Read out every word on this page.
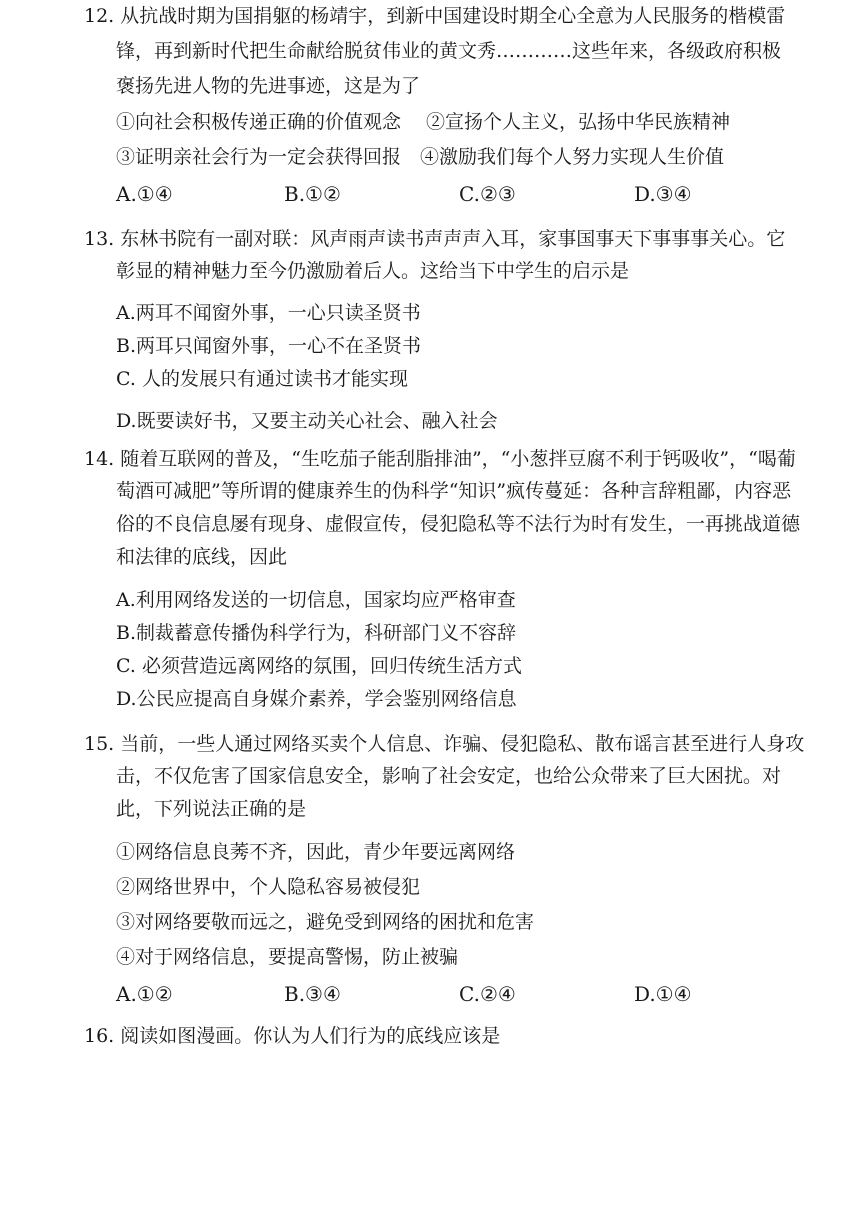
12. 从抗战时期为国捐躯的杨靖宇，到新中国建设时期全心全意为人民服务的楷模雷
锋，再到新时代把生命献给脱贫伟业的黄文秀…………这些年来，各级政府积极
褒扬先进人物的先进事迹，这是为了
①向社会积极传递正确的价值观念　 ②宣扬个人主义，弘扬中华民族精神
③证明亲社会行为一定会获得回报　④激励我们每个人努力实现人生价值
A.①④	B.①②	C.②③	D.③④
13. 东林书院有一副对联：风声雨声读书声声声入耳，家事国事天下事事事关心。它
彰显的精神魅力至今仍激励着后人。这给当下中学生的启示是
A.两耳不闻窗外事，一心只读圣贤书
B.两耳只闻窗外事，一心不在圣贤书
C. 人的发展只有通过读书才能实现
D.既要读好书，又要主动关心社会、融入社会
14. 随着互联网的普及，“生吃茄子能刮脂排油”，“小葱拌豆腐不利于钙吸收”，“喝葡
萄酒可减肥”等所谓的健康养生的伪科学“知识”疯传蔓延：各种言辞粗鄙，内容恶
俗的不良信息屡有现身、虚假宣传，侵犯隐私等不法行为时有发生，一再挑战道德
和法律的底线，因此
A.利用网络发送的一切信息，国家均应严格审查
B.制裁蓄意传播伪科学行为，科研部门义不容辞
C. 必须营造远离网络的氛围，回归传统生活方式
D.公民应提高自身媒介素养，学会鉴别网络信息
15. 当前，一些人通过网络买卖个人信息、诈骗、侵犯隐私、散布谣言甚至进行人身攻
击，不仅危害了国家信息安全，影响了社会安定，也给公众带来了巨大困扰。对
此，下列说法正确的是
①网络信息良莠不齐，因此，青少年要远离网络
②网络世界中，个人隐私容易被侵犯
③对网络要敬而远之，避免受到网络的困扰和危害
④对于网络信息，要提高警惕，防止被骗
A.①②	B.③④	C.②④	D.①④
16. 阅读如图漫画。你认为人们行为的底线应该是
